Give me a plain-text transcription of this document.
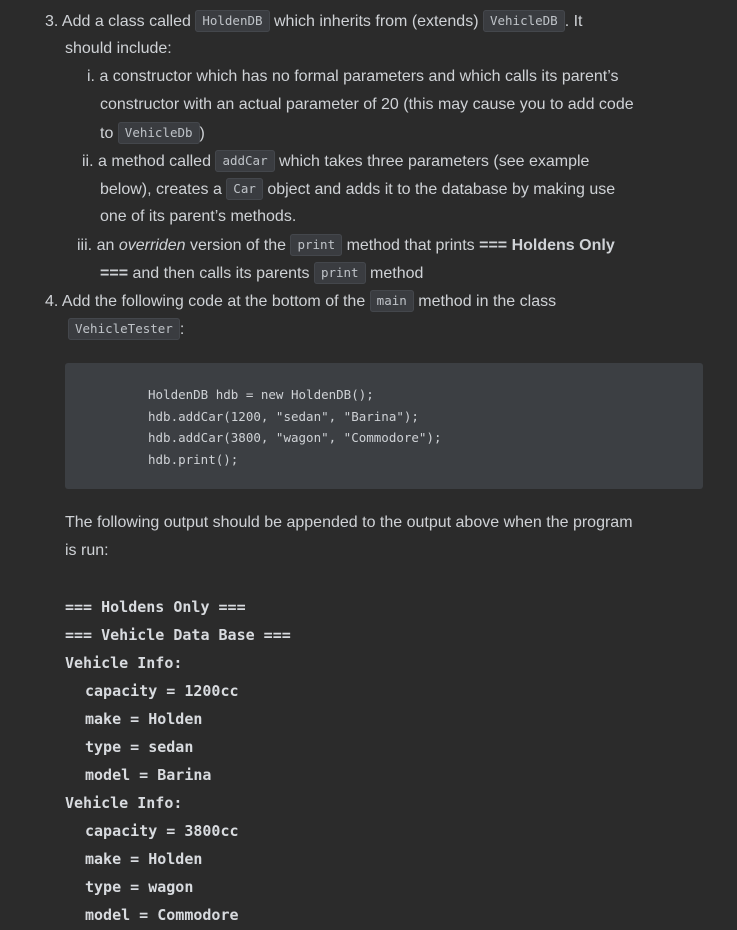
3. Add a class called HoldenDB which inherits from (extends) VehicleDB . It
should include:
i. a constructor which has no formal parameters and which calls its parent’s
constructor with an actual parameter of 20 (this may cause you to add code
to VehicleDb )
ii. a method called addCar which takes three parameters (see example
below), creates a Car object and adds it to the database by making use
one of its parent’s methods.
iii. an overriden version of the print method that prints === Holdens Only
=== and then calls its parents print method
4. Add the following code at the bottom of the main method in the class
VehicleTester :
HoldenDB hdb = new HoldenDB();
hdb.addCar(1200, "sedan", "Barina");
hdb.addCar(3800, "wagon", "Commodore");
hdb.print();
The following output should be appended to the output above when the program
is run:
=== Holdens Only ===
=== Vehicle Data Base ===
Vehicle Info:
capacity = 1200cc
make = Holden
type = sedan
model = Barina
Vehicle Info:
capacity = 3800cc
make = Holden
type = wagon
model = Commodore
